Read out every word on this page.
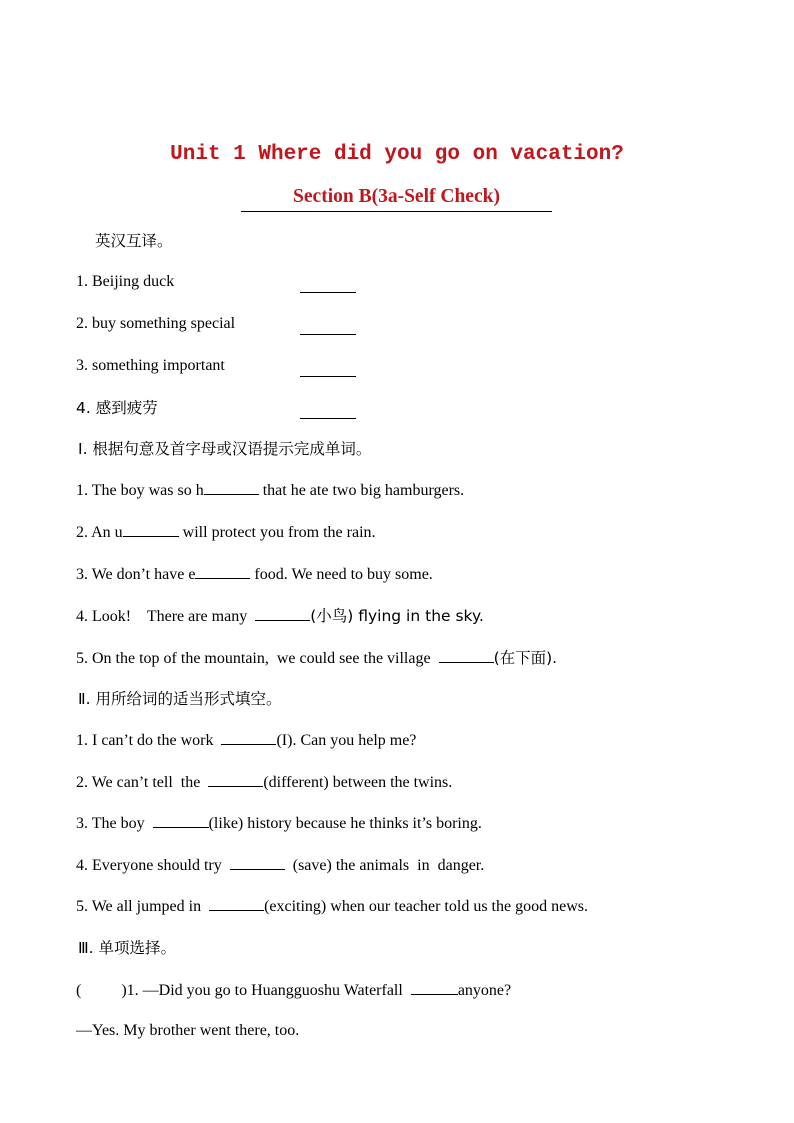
Unit 1 Where did you go on vacation?
Section B(3a-Self Check)
英汉互译。
1. Beijing duck
2. buy something special
3. something important
4. 感到疲劳
Ⅰ. 根据句意及首字母或汉语提示完成单词。
1. The boy was so h	that he ate two big hamburgers.
2. An u	will protect you from the rain.
3. We don’t have e	food. We need to buy some.
4. Look!    There are many	(小鸟) flying in the sky.
5. On the top of the mountain,  we could see the village	(在下面).
Ⅱ. 用所给词的适当形式填空。
1. I can’t do the work	(I). Can you help me?
2. We can’t tell  the	(different) between the twins.
3. The boy	(like) history because he thinks it’s boring.
4. Everyone should try	(save) the animals  in  danger.
5. We all jumped in	(exciting) when our teacher told us the good news.
Ⅲ. 单项选择。
(          )1. —Did you go to Huangguoshu Waterfall	anyone?
—Yes. My brother went there, too.
